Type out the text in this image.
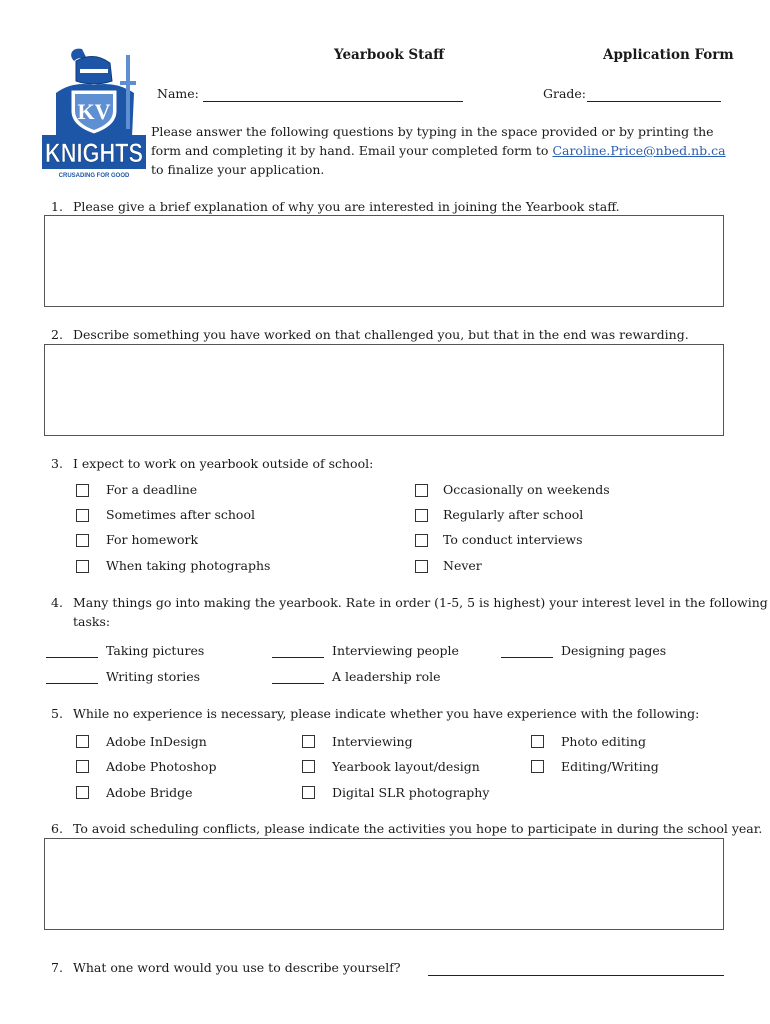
KV
KNIGHTS
CRUSADING FOR GOOD
Yearbook Staff	Application Form
Name:	Grade:
Please answer the following questions by typing in the space provided or by printing the form and completing it by hand. Email your completed form to Caroline.Price@nbed.nb.ca to finalize your application.
1. Please give a brief explanation of why you are interested in joining the Yearbook staff.
2. Describe something you have worked on that challenged you, but that in the end was rewarding.
3. I expect to work on yearbook outside of school:
For a deadline	Occasionally on weekends
Sometimes after school	Regularly after school
For homework	To conduct interviews
When taking photographs	Never
4. Many things go into making the yearbook. Rate in order (1-5, 5 is highest) your interest level in the following
tasks:
Taking pictures	Interviewing people	Designing pages
Writing stories	A leadership role
5. While no experience is necessary, please indicate whether you have experience with the following:
Adobe InDesign	Interviewing	Photo editing
Adobe Photoshop	Yearbook layout/design	Editing/Writing
Adobe Bridge	Digital SLR photography
6. To avoid scheduling conflicts, please indicate the activities you hope to participate in during the school year.
7. What one word would you use to describe yourself?
